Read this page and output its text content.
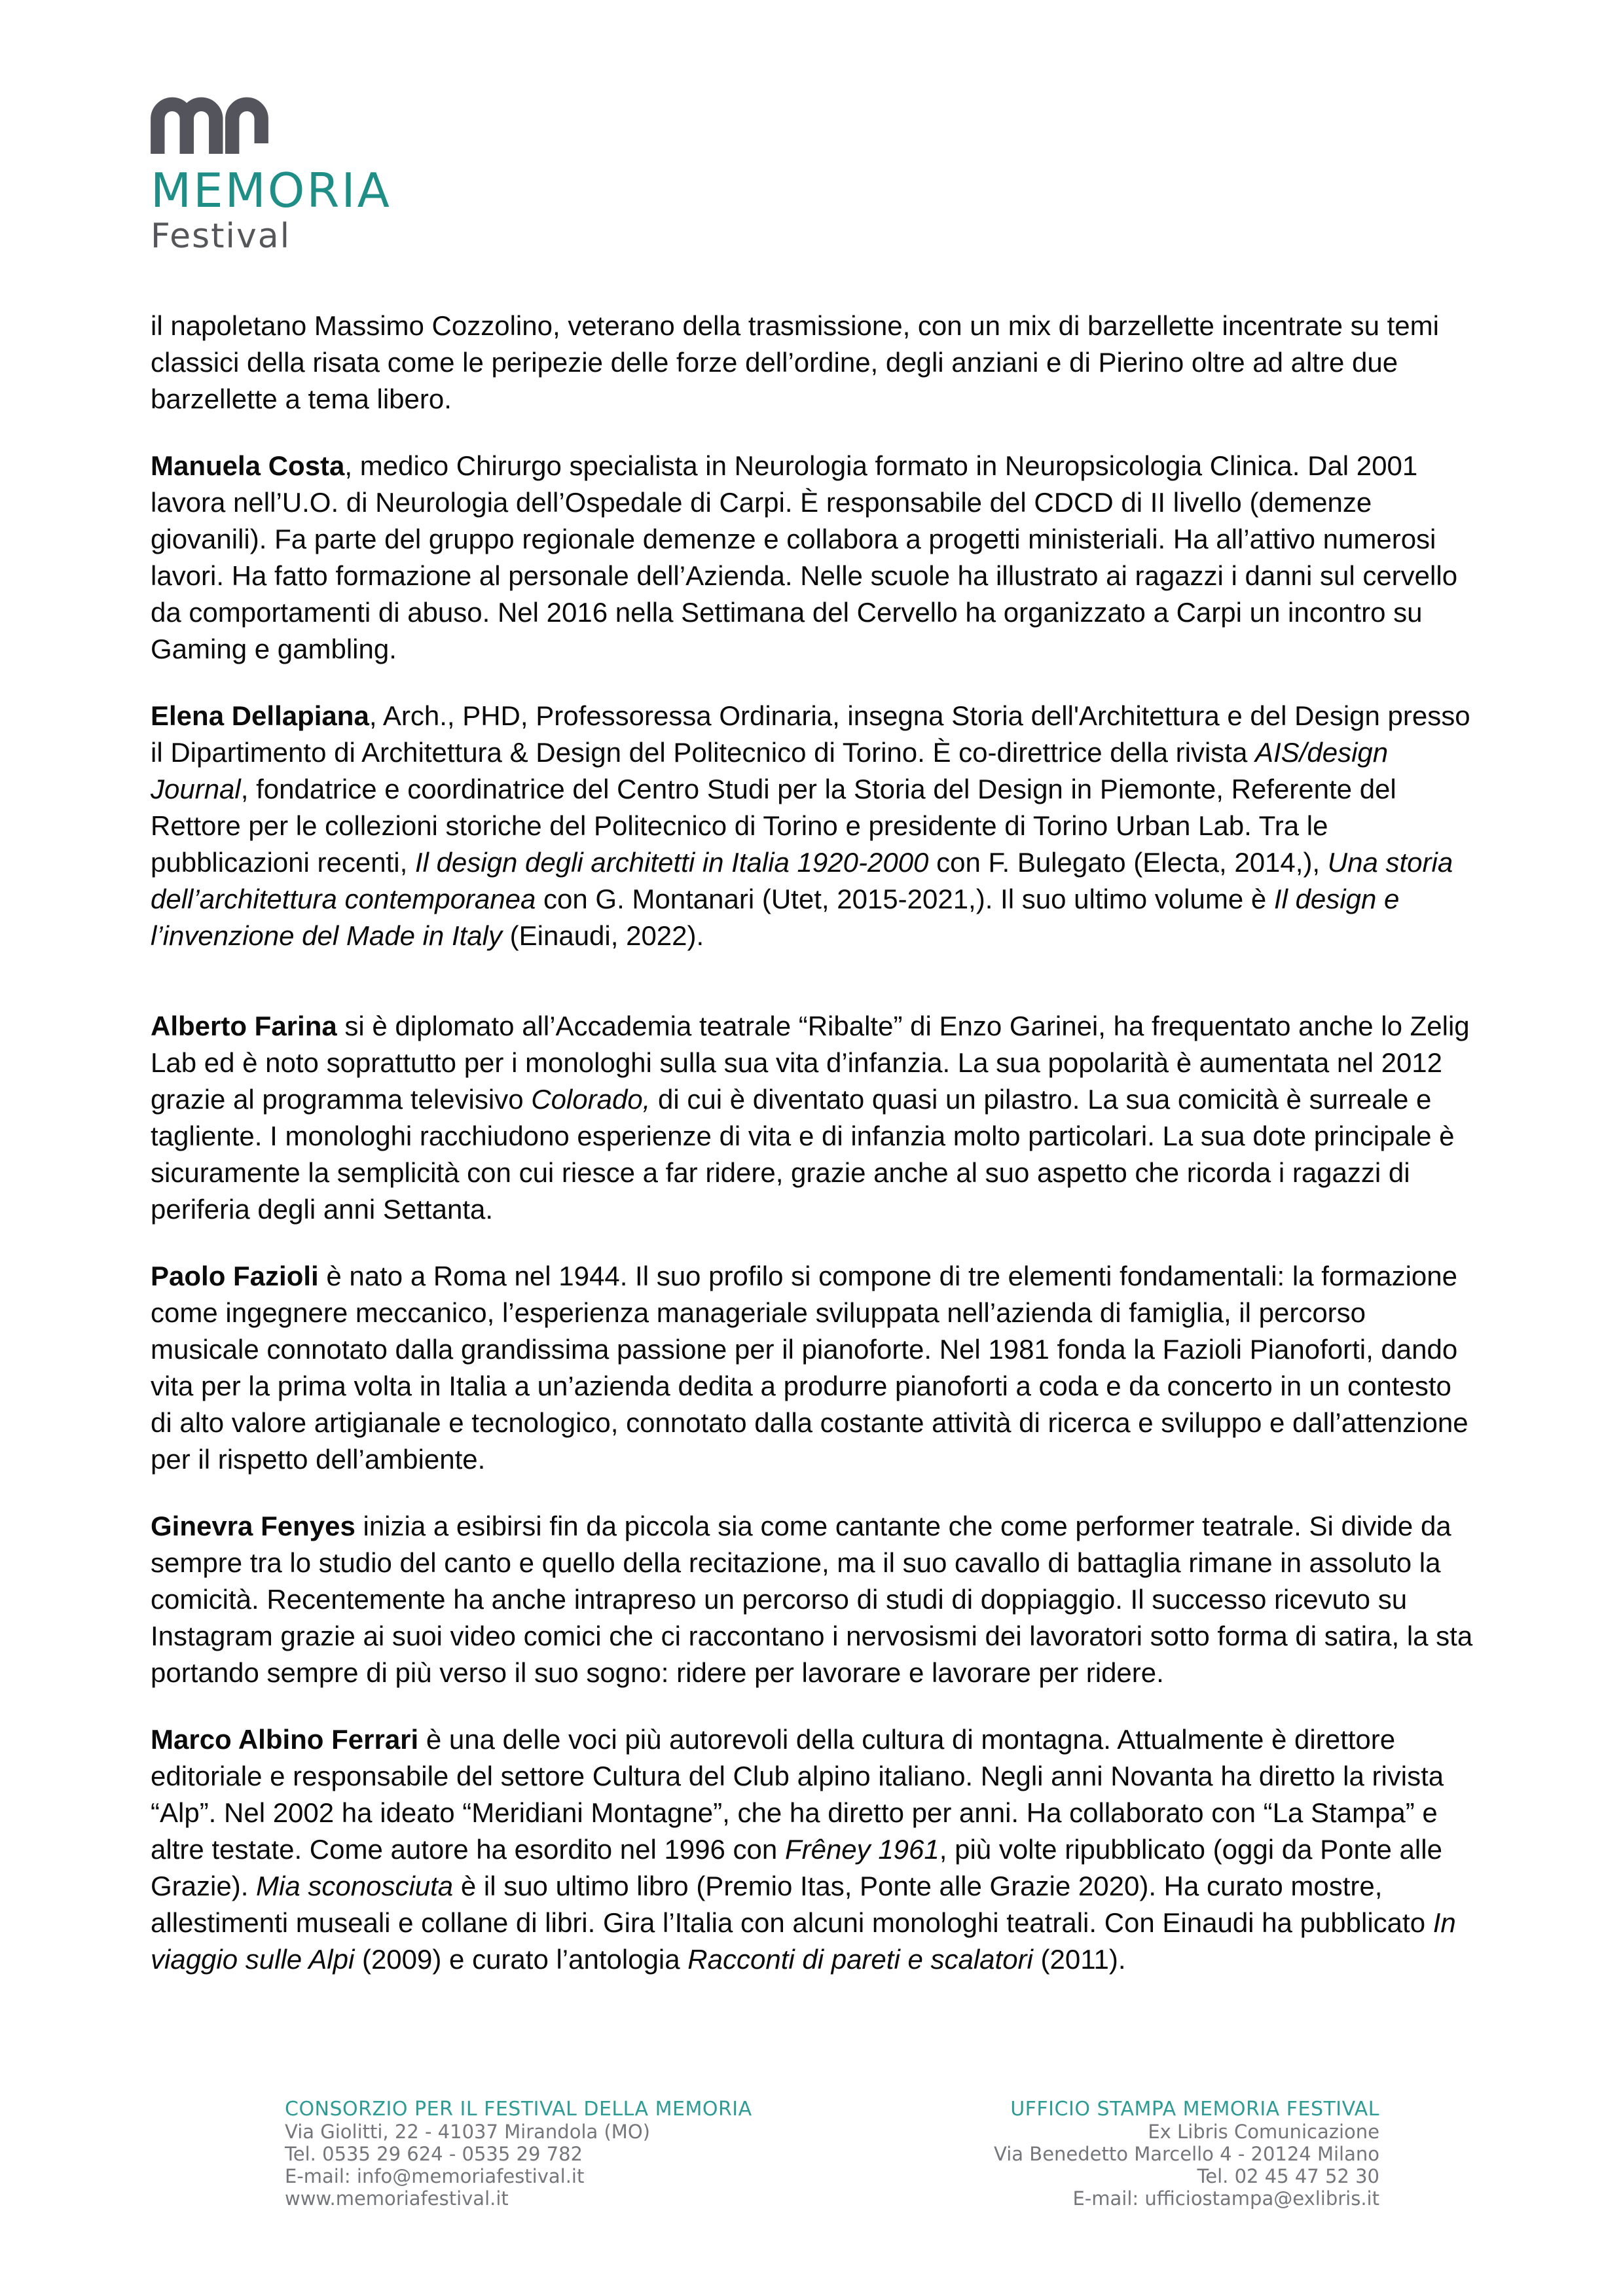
MEMORIA
Festival

il napoletano Massimo Cozzolino, veterano della trasmissione, con un mix di barzellette incentrate su temi classici della risata come le peripezie delle forze dell’ordine, degli anziani e di Pierino oltre ad altre due barzellette a tema libero.

Manuela Costa, medico Chirurgo specialista in Neurologia formato in Neuropsicologia Clinica. Dal 2001 lavora nell’U.O. di Neurologia dell’Ospedale di Carpi. È responsabile del CDCD di II livello (demenze giovanili). Fa parte del gruppo regionale demenze e collabora a progetti ministeriali. Ha all’attivo numerosi lavori. Ha fatto formazione al personale dell’Azienda. Nelle scuole ha illustrato ai ragazzi i danni sul cervello da comportamenti di abuso. Nel 2016 nella Settimana del Cervello ha organizzato a Carpi un incontro su Gaming e gambling.

Elena Dellapiana, Arch., PHD, Professoressa Ordinaria, insegna Storia dell'Architettura e del Design presso il Dipartimento di Architettura & Design del Politecnico di Torino. È co-direttrice della rivista AIS/design Journal, fondatrice e coordinatrice del Centro Studi per la Storia del Design in Piemonte, Referente del Rettore per le collezioni storiche del Politecnico di Torino e presidente di Torino Urban Lab. Tra le pubblicazioni recenti, Il design degli architetti in Italia 1920-2000 con F. Bulegato (Electa, 2014,), Una storia dell’architettura contemporanea con G. Montanari (Utet, 2015-2021,). Il suo ultimo volume è Il design e l’invenzione del Made in Italy (Einaudi, 2022).

Alberto Farina si è diplomato all’Accademia teatrale “Ribalte” di Enzo Garinei, ha frequentato anche lo Zelig Lab ed è noto soprattutto per i monologhi sulla sua vita d’infanzia. La sua popolarità è aumentata nel 2012 grazie al programma televisivo Colorado, di cui è diventato quasi un pilastro. La sua comicità è surreale e tagliente. I monologhi racchiudono esperienze di vita e di infanzia molto particolari. La sua dote principale è sicuramente la semplicità con cui riesce a far ridere, grazie anche al suo aspetto che ricorda i ragazzi di periferia degli anni Settanta.

Paolo Fazioli è nato a Roma nel 1944. Il suo profilo si compone di tre elementi fondamentali: la formazione come ingegnere meccanico, l’esperienza manageriale sviluppata nell’azienda di famiglia, il percorso musicale connotato dalla grandissima passione per il pianoforte. Nel 1981 fonda la Fazioli Pianoforti, dando vita per la prima volta in Italia a un’azienda dedita a produrre pianoforti a coda e da concerto in un contesto di alto valore artigianale e tecnologico, connotato dalla costante attività di ricerca e sviluppo e dall’attenzione per il rispetto dell’ambiente.

Ginevra Fenyes inizia a esibirsi fin da piccola sia come cantante che come performer teatrale. Si divide da sempre tra lo studio del canto e quello della recitazione, ma il suo cavallo di battaglia rimane in assoluto la comicità. Recentemente ha anche intrapreso un percorso di studi di doppiaggio. Il successo ricevuto su Instagram grazie ai suoi video comici che ci raccontano i nervosismi dei lavoratori sotto forma di satira, la sta portando sempre di più verso il suo sogno: ridere per lavorare e lavorare per ridere.

Marco Albino Ferrari è una delle voci più autorevoli della cultura di montagna. Attualmente è direttore editoriale e responsabile del settore Cultura del Club alpino italiano. Negli anni Novanta ha diretto la rivista “Alp”. Nel 2002 ha ideato “Meridiani Montagne”, che ha diretto per anni. Ha collaborato con “La Stampa” e altre testate. Come autore ha esordito nel 1996 con Frêney 1961, più volte ripubblicato (oggi da Ponte alle Grazie). Mia sconosciuta è il suo ultimo libro (Premio Itas, Ponte alle Grazie 2020). Ha curato mostre, allestimenti museali e collane di libri. Gira l’Italia con alcuni monologhi teatrali. Con Einaudi ha pubblicato In viaggio sulle Alpi (2009) e curato l’antologia Racconti di pareti e scalatori (2011).

CONSORZIO PER IL FESTIVAL DELLA MEMORIA
Via Giolitti, 22 - 41037 Mirandola (MO)
Tel. 0535 29 624 - 0535 29 782
E-mail: info@memoriafestival.it
www.memoriafestival.it
UFFICIO STAMPA MEMORIA FESTIVAL
Ex Libris Comunicazione
Via Benedetto Marcello 4 - 20124 Milano
Tel. 02 45 47 52 30
E-mail: ufficiostampa@exlibris.it
